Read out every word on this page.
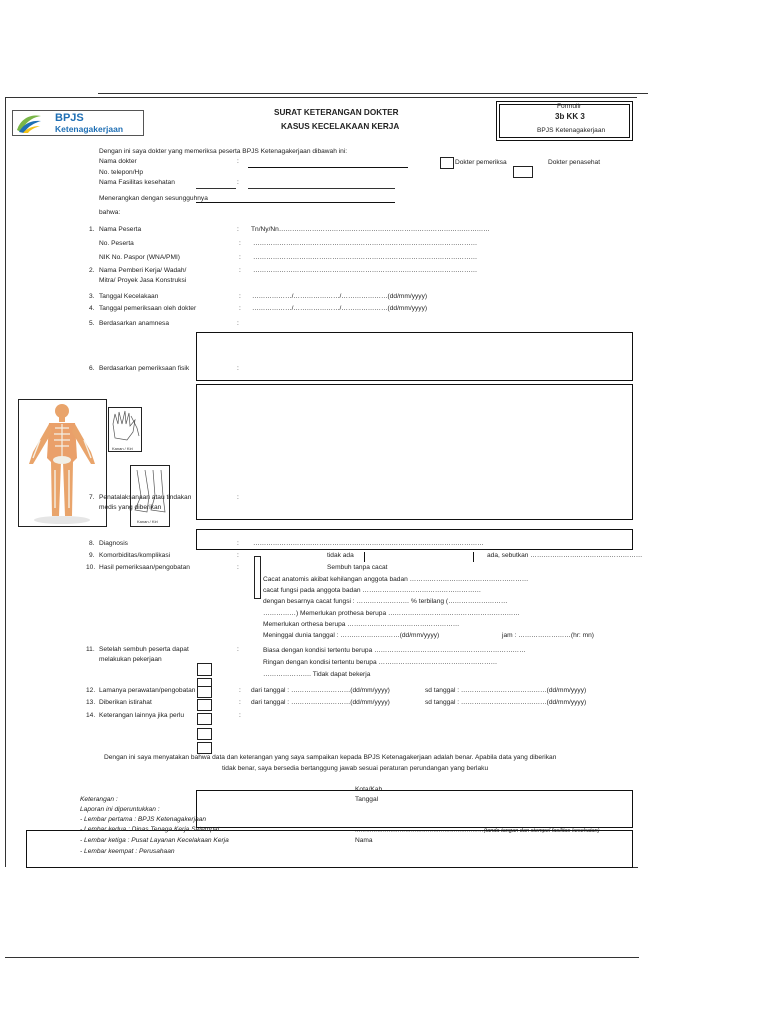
BPJS
Ketenagakerjaan
SURAT KETERANGAN DOKTER
KASUS KECELAKAAN KERJA
Formulir
3b KK 3
BPJS Ketenagakerjaan
Dengan ini saya dokter yang memeriksa peserta BPJS Ketenagakerjaan dibawah ini:
Nama dokter	:	Dokter pemeriksa	Dokter penasehat
No. telepon/Hp
Nama Fasilitas kesehatan	:
Menerangkan dengan sesungguhnya
bahwa:
1. Nama Peserta	: Tn/Ny/Nn……………………………………………………………………………………
No. Peserta	: …………………………………………………………………………………………
NIK No. Paspor (WNA/PMI)	: …………………………………………………………………………………………
2. Nama Pemberi Kerja/ Wadah/
Mitra/ Proyek Jasa Konstruksi
: …………………………………………………………………………………………
3. Tanggal Kecelakaan	: ………………/…………………/…………………(dd/mm/yyyy)
4. Tanggal pemeriksaan oleh dokter	: ………………/…………………/…………………(dd/mm/yyyy)
5. Berdasarkan anamnesa	:
6. Berdasarkan pemeriksaan fisik	:
Kanan / Kiri
Kanan / Kiri
7. Penatalaksanaan atau tindakan
medis yang diberikan
:
8. Diagnosis	: ……………………………………………………………………………………………
9. Komorbiditas/komplikasi	:	tidak ada	ada, sebutkan ……………………………………………
10. Hasil pemeriksaan/pengobatan	:	Sembuh tanpa cacat
Cacat anatomis akibat kehilangan anggota badan ………………………………………………
cacat fungsi pada anggota badan ………………………………………………
dengan besarnya cacat fungsi : …………………… % terbilang (………………………
……………) Memerlukan prothesa berupa ……………………………………………………
Memerlukan orthesa berupa ……………………………………………
Meninggal dunia tanggal : ………………………(dd/mm/yyyy)	jam : ……………………(hr: mn)
11. Setelah sembuh peserta dapat
melakukan pekerjaan
:	Biasa dengan kondisi tertentu berupa ……………………………………………………………
Ringan dengan kondisi tertentu berupa ………………………………………………
…………………. Tidak dapat bekerja
12. Lamanya perawatan/pengobatan	: dari tanggal : ………………………(dd/mm/yyyy)	sd tanggal : …………………………………(dd/mm/yyyy)
13. Diberikan istirahat	: dari tanggal : ………………………(dd/mm/yyyy)	sd tanggal : …………………………………(dd/mm/yyyy)
14. Keterangan lainnya jika perlu	:
Dengan ini saya menyatakan bahwa data dan keterangan yang saya sampaikan kepada BPJS Ketenagakerjaan adalah benar. Apabila data yang diberikan
tidak benar, saya bersedia bertanggung jawab sesuai peraturan perundangan yang berlaku
Kota/Kab. ……………
Tanggal
……………………………………………………………(tanda tangan dan stempel fasilitas kesehatan)
Nama
Keterangan :
Laporan ini diperuntukkan :
- Lembar pertama : BPJS Ketenagakerjaan
- Lembar kedua : Dinas Tenaga Kerja Setempat
- Lembar ketiga : Pusat Layanan Kecelakaan Kerja
- Lembar keempat : Perusahaan
